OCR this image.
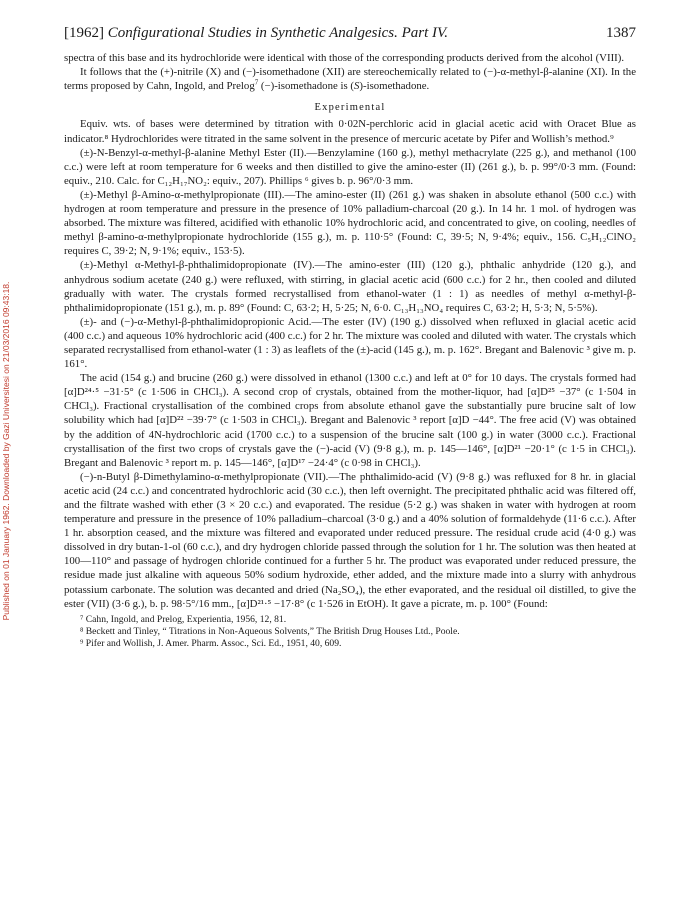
Published on 01 January 1962. Downloaded by Gazi Universitesi on 21/03/2016 09:43:18.
[1962] Configurational Studies in Synthetic Analgesics. Part IV.	1387

spectra of this base and its hydrochloride were identical with those of the corresponding products derived from the alcohol (VIII).

It follows that the (+)-nitrile (X) and (−)-isomethadone (XII) are stereochemically related to (−)-α-methyl-β-alanine (XI). In the terms proposed by Cahn, Ingold, and Prelog$^7$ (−)-isomethadone is (S)-isomethadone.

Experimental

Equiv. wts. of bases were determined by titration with 0·02N-perchloric acid in glacial acetic acid with Oracet Blue as indicator.⁸ Hydrochlorides were titrated in the same solvent in the presence of mercuric acetate by Pifer and Wollish’s method.⁹

(±)-N-Benzyl-α-methyl-β-alanine Methyl Ester (II).—Benzylamine (160 g.), methyl methacrylate (225 g.), and methanol (100 c.c.) were left at room temperature for 6 weeks and then distilled to give the amino-ester (II) (261 g.), b. p. 99°/0·3 mm. (Found: equiv., 210. Calc. for C₁₂H₁₇NO₂: equiv., 207). Phillips ⁶ gives b. p. 96°/0·3 mm.

(±)-Methyl β-Amino-α-methylpropionate (III).—The amino-ester (II) (261 g.) was shaken in absolute ethanol (500 c.c.) with hydrogen at room temperature and pressure in the presence of 10% palladium-charcoal (20 g.). In 14 hr. 1 mol. of hydrogen was absorbed. The mixture was filtered, acidified with ethanolic 10% hydrochloric acid, and concentrated to give, on cooling, needles of methyl β-amino-α-methylpropionate hydrochloride (155 g.), m. p. 110·5° (Found: C, 39·5; N, 9·4%; equiv., 156. C₅H₁₂ClNO₂ requires C, 39·2; N, 9·1%; equiv., 153·5).

(±)-Methyl α-Methyl-β-phthalimidopropionate (IV).—The amino-ester (III) (120 g.), phthalic anhydride (120 g.), and anhydrous sodium acetate (240 g.) were refluxed, with stirring, in glacial acetic acid (600 c.c.) for 2 hr., then cooled and diluted gradually with water. The crystals formed recrystallised from ethanol-water (1 : 1) as needles of methyl α-methyl-β-phthalimidopropionate (151 g.), m. p. 89° (Found: C, 63·2; H, 5·25; N, 6·0. C₁₃H₁₃NO₄ requires C, 63·2; H, 5·3; N, 5·5%).

(±)- and (−)-α-Methyl-β-phthalimidopropionic Acid.—The ester (IV) (190 g.) dissolved when refluxed in glacial acetic acid (400 c.c.) and aqueous 10% hydrochloric acid (400 c.c.) for 2 hr. The mixture was cooled and diluted with water. The crystals which separated recrystallised from ethanol-water (1 : 3) as leaflets of the (±)-acid (145 g.), m. p. 162°. Bregant and Balenovic ³ give m. p. 161°.

The acid (154 g.) and brucine (260 g.) were dissolved in ethanol (1300 c.c.) and left at 0° for 10 days. The crystals formed had [α]D²⁴·⁵ −31·5° (c 1·506 in CHCl₃). A second crop of crystals, obtained from the mother-liquor, had [α]D²⁵ −37° (c 1·504 in CHCl₃). Fractional crystallisation of the combined crops from absolute ethanol gave the substantially pure brucine salt of low solubility which had [α]D²² −39·7° (c 1·503 in CHCl₃). Bregant and Balenovic ³ report [α]D −44°. The free acid (V) was obtained by the addition of 4N-hydrochloric acid (1700 c.c.) to a suspension of the brucine salt (100 g.) in water (3000 c.c.). Fractional crystallisation of the first two crops of crystals gave the (−)-acid (V) (9·8 g.), m. p. 145—146°, [α]D²¹ −20·1° (c 1·5 in CHCl₃). Bregant and Balenovic ³ report m. p. 145—146°, [α]D¹⁷ −24·4° (c 0·98 in CHCl₃).

(−)-n-Butyl β-Dimethylamino-α-methylpropionate (VII).—The phthalimido-acid (V) (9·8 g.) was refluxed for 8 hr. in glacial acetic acid (24 c.c.) and concentrated hydrochloric acid (30 c.c.), then left overnight. The precipitated phthalic acid was filtered off, and the filtrate washed with ether (3 × 20 c.c.) and evaporated. The residue (5·2 g.) was shaken in water with hydrogen at room temperature and pressure in the presence of 10% palladium–charcoal (3·0 g.) and a 40% solution of formaldehyde (11·6 c.c.). After 1 hr. absorption ceased, and the mixture was filtered and evaporated under reduced pressure. The residual crude acid (4·0 g.) was dissolved in dry butan-1-ol (60 c.c.), and dry hydrogen chloride passed through the solution for 1 hr. The solution was then heated at 100—110° and passage of hydrogen chloride continued for a further 5 hr. The product was evaporated under reduced pressure, the residue made just alkaline with aqueous 50% sodium hydroxide, ether added, and the mixture made into a slurry with anhydrous potassium carbonate. The solution was decanted and dried (Na₂SO₄), the ether evaporated, and the residual oil distilled, to give the ester (VII) (3·6 g.), b. p. 98·5°/16 mm., [α]D²¹·⁵ −17·8° (c 1·526 in EtOH). It gave a picrate, m. p. 100° (Found:

⁷ Cahn, Ingold, and Prelog, Experientia, 1956, 12, 81.

⁸ Beckett and Tinley, “ Titrations in Non-Aqueous Solvents,” The British Drug Houses Ltd., Poole.

⁹ Pifer and Wollish, J. Amer. Pharm. Assoc., Sci. Ed., 1951, 40, 609.
